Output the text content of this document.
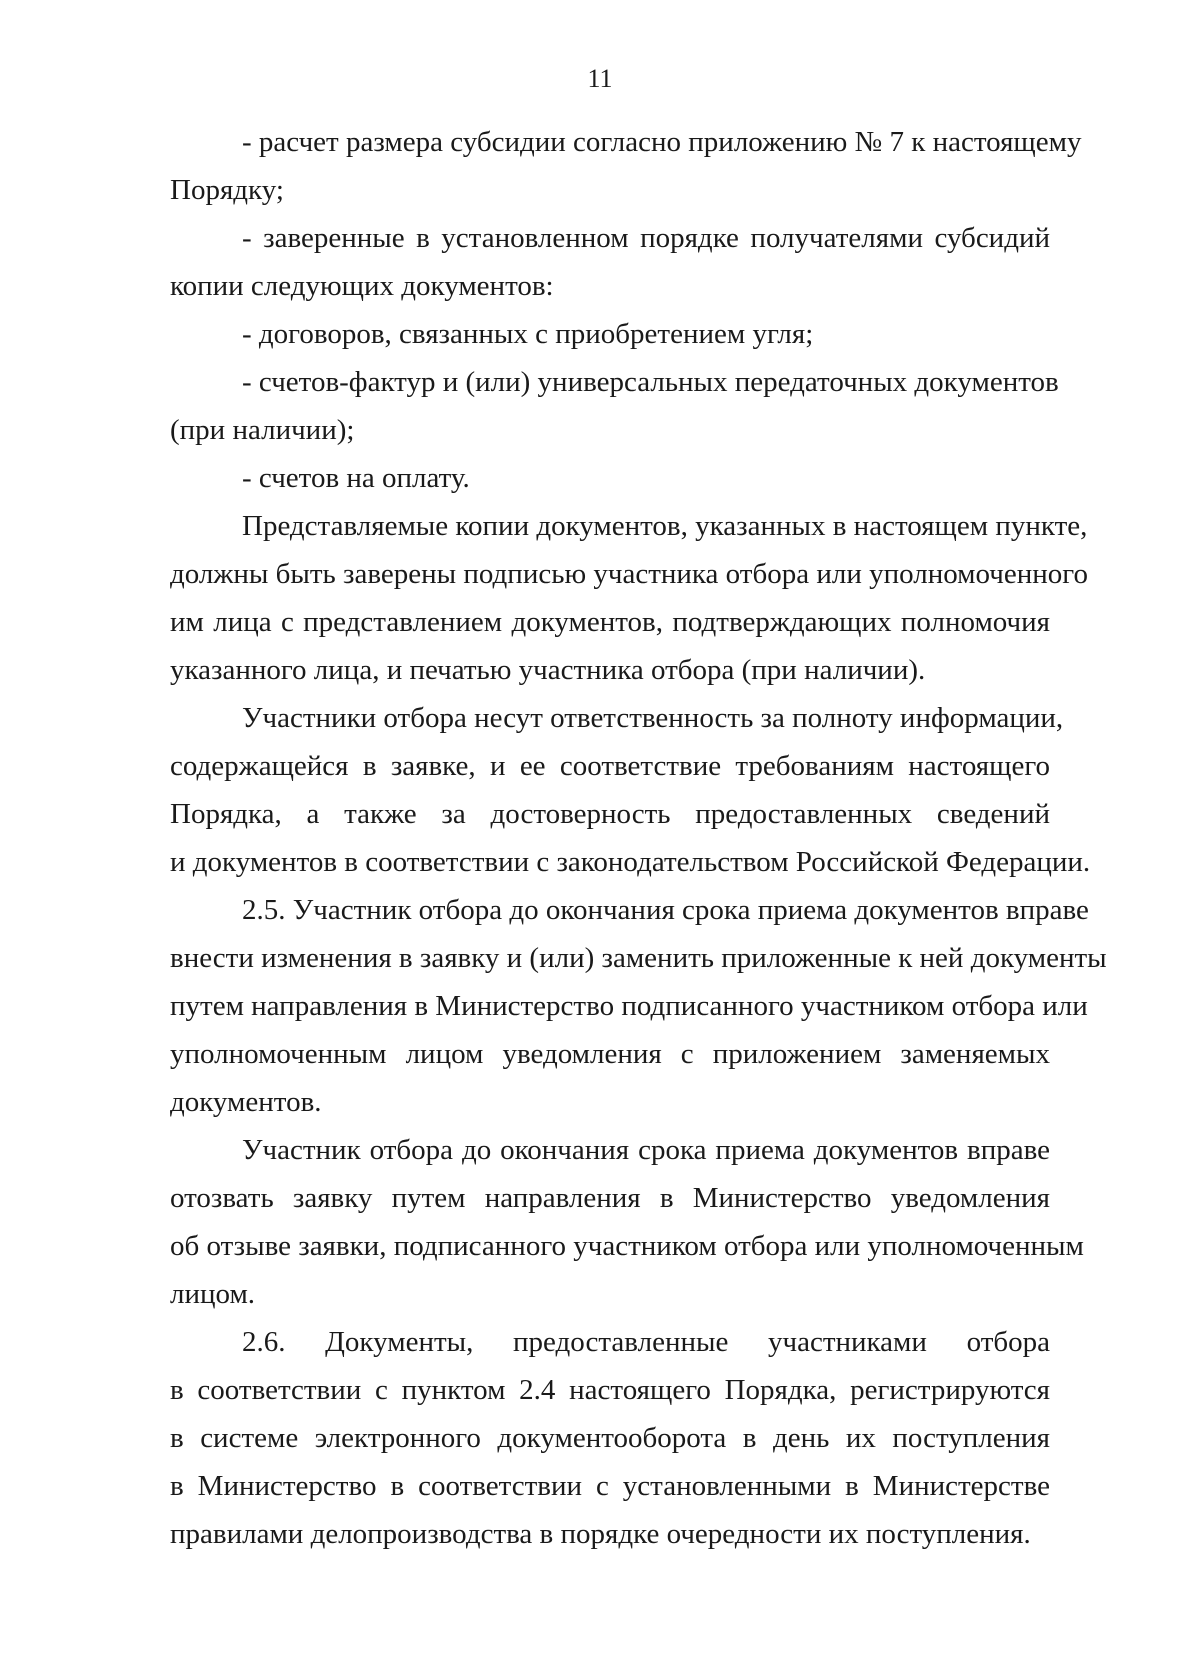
11
- расчет размера субсидии согласно приложению № 7 к настоящему
Порядку;
- заверенные в установленном порядке получателями субсидий
копии следующих документов:
- договоров, связанных с приобретением угля;
- счетов-фактур и (или) универсальных передаточных документов
(при наличии);
- счетов на оплату.
Представляемые копии документов, указанных в настоящем пункте,
должны быть заверены подписью участника отбора или уполномоченного
им лица с представлением документов, подтверждающих полномочия
указанного лица, и печатью участника отбора (при наличии).
Участники отбора несут ответственность за полноту информации,
содержащейся в заявке, и ее соответствие требованиям настоящего
Порядка, а также за достоверность предоставленных сведений
и документов в соответствии с законодательством Российской Федерации.
2.5. Участник отбора до окончания срока приема документов вправе
внести изменения в заявку и (или) заменить приложенные к ней документы
путем направления в Министерство подписанного участником отбора или
уполномоченным лицом уведомления с приложением заменяемых
документов.
Участник отбора до окончания срока приема документов вправе
отозвать заявку путем направления в Министерство уведомления
об отзыве заявки, подписанного участником отбора или уполномоченным
лицом.
2.6. Документы, предоставленные участниками отбора
в соответствии с пунктом 2.4 настоящего Порядка, регистрируются
в системе электронного документооборота в день их поступления
в Министерство в соответствии с установленными в Министерстве
правилами делопроизводства в порядке очередности их поступления.
